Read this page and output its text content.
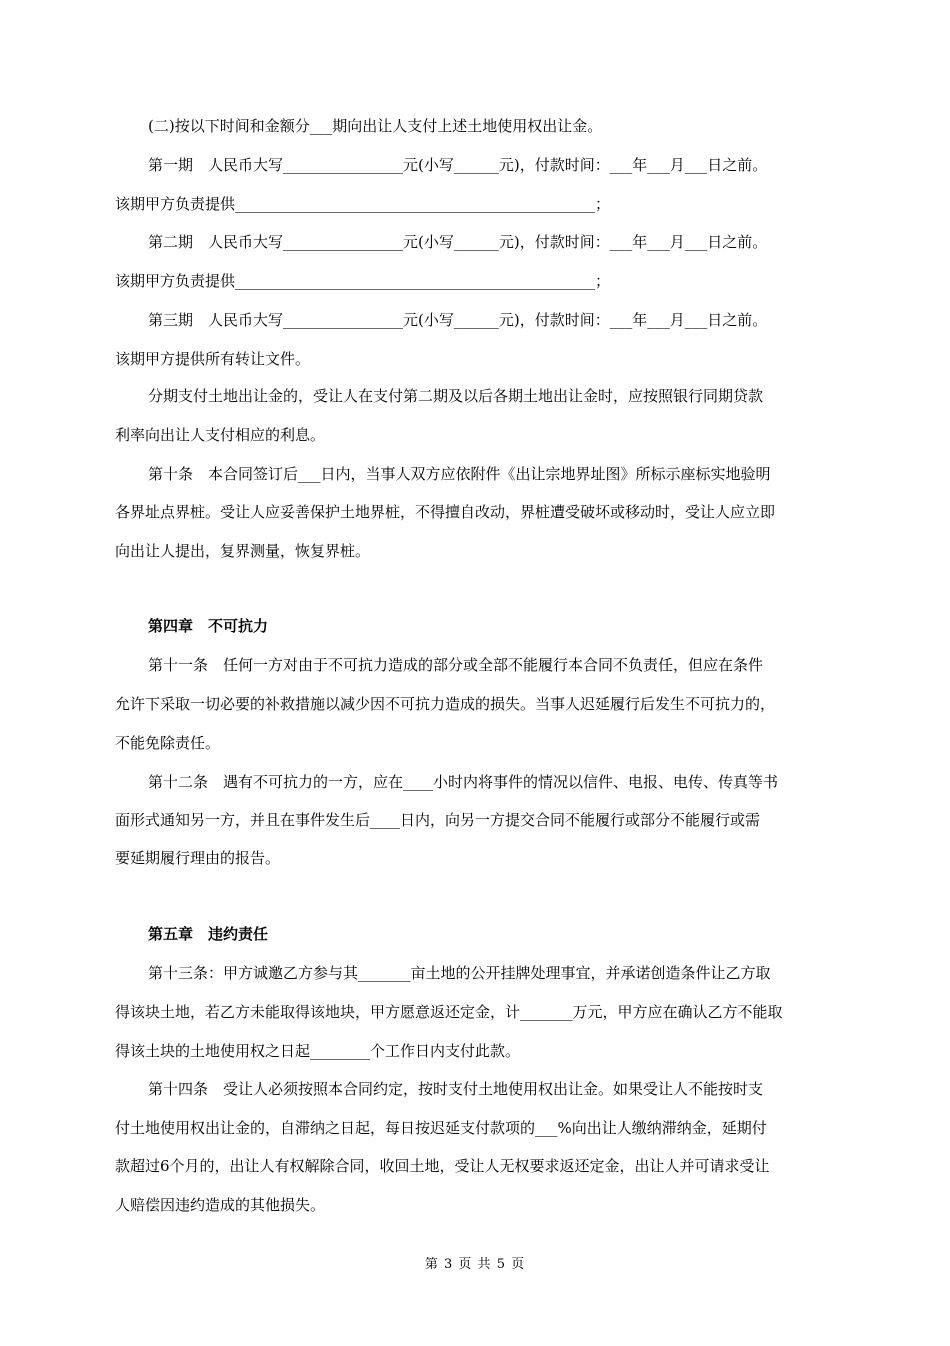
(二)按以下时间和金额分___期向出让人支付上述土地使用权出让金。
第一期　人民币大写________________元(小写______元)，付款时间：___年___月___日之前。
该期甲方负责提供________________________________________________；
第二期　人民币大写________________元(小写______元)，付款时间：___年___月___日之前。
该期甲方负责提供________________________________________________；
第三期　人民币大写________________元(小写______元)，付款时间：___年___月___日之前。
该期甲方提供所有转让文件。
分期支付土地出让金的，受让人在支付第二期及以后各期土地出让金时，应按照银行同期贷款
利率向出让人支付相应的利息。
第十条　本合同签订后___日内，当事人双方应依附件《出让宗地界址图》所标示座标实地验明
各界址点界桩。受让人应妥善保护土地界桩，不得擅自改动，界桩遭受破坏或移动时，受让人应立即
向出让人提出，复界测量，恢复界桩。
第四章　不可抗力
第十一条　任何一方对由于不可抗力造成的部分或全部不能履行本合同不负责任，但应在条件
允许下采取一切必要的补救措施以减少因不可抗力造成的损失。当事人迟延履行后发生不可抗力的，
不能免除责任。
第十二条　遇有不可抗力的一方，应在____小时内将事件的情况以信件、电报、电传、传真等书
面形式通知另一方，并且在事件发生后____日内，向另一方提交合同不能履行或部分不能履行或需
要延期履行理由的报告。
第五章　违约责任
第十三条：甲方诚邀乙方参与其_______亩土地的公开挂牌处理事宜，并承诺创造条件让乙方取
得该块土地，若乙方未能取得该地块，甲方愿意返还定金，计_______万元，甲方应在确认乙方不能取
得该土块的土地使用权之日起________个工作日内支付此款。
第十四条　受让人必须按照本合同约定，按时支付土地使用权出让金。如果受让人不能按时支
付土地使用权出让金的，自滞纳之日起，每日按迟延支付款项的___%向出让人缴纳滞纳金，延期付
款超过6个月的，出让人有权解除合同，收回土地，受让人无权要求返还定金，出让人并可请求受让
人赔偿因违约造成的其他损失。
第 3 页 共 5 页
